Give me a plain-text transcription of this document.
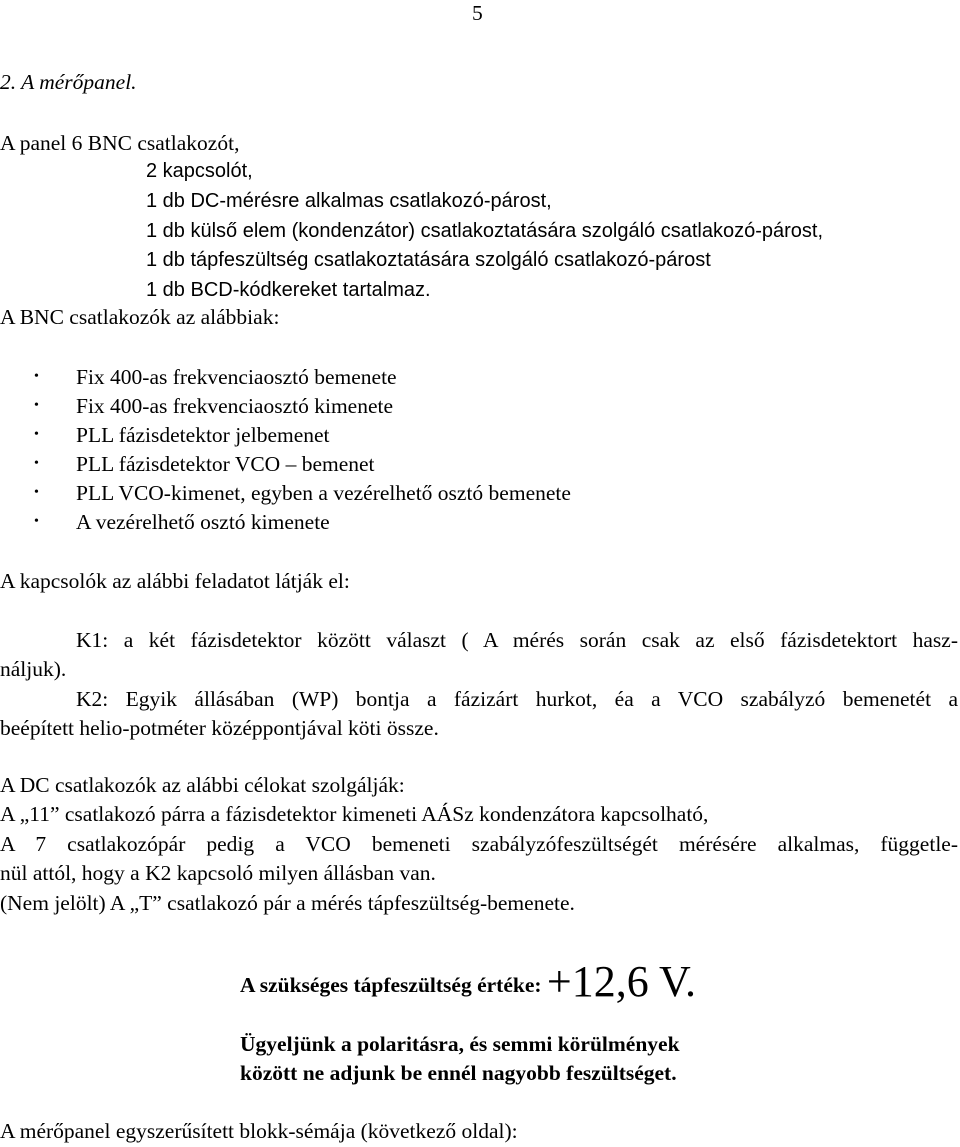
5
2. A mérőpanel.
A panel 6 BNC csatlakozót,
2 kapcsolót,
1 db DC-mérésre alkalmas csatlakozó-párost,
1 db külső elem (kondenzátor) csatlakoztatására szolgáló csatlakozó-párost,
1 db tápfeszültség csatlakoztatására szolgáló csatlakozó-párost
1 db BCD-kódkereket tartalmaz.
A BNC csatlakozók az alábbiak:
• Fix 400-as frekvenciaosztó bemenete
• Fix 400-as frekvenciaosztó kimenete
• PLL fázisdetektor jelbemenet
• PLL fázisdetektor VCO – bemenet
• PLL VCO-kimenet, egyben a vezérelhető osztó bemenete
• A vezérelhető osztó kimenete
A kapcsolók az alábbi feladatot látják el:
K1: a két fázisdetektor között választ ( A mérés során csak az első fázisdetektort hasz-
náljuk).
K2: Egyik állásában (WP) bontja a fázizárt hurkot, éa a VCO szabályzó bemenetét a
beépített helio-potméter középpontjával köti össze.
A DC csatlakozók az alábbi célokat szolgálják:
A „11” csatlakozó párra a fázisdetektor kimeneti AÁSz kondenzátora kapcsolható,
A 7 csatlakozópár pedig a VCO bemeneti szabályzófeszültségét mérésére alkalmas, függetle-
nül attól, hogy a K2 kapcsoló milyen állásban van.
(Nem jelölt) A „T” csatlakozó pár a mérés tápfeszültség-bemenete.
A szükséges tápfeszültség értéke: +12,6 V.
Ügyeljünk a polaritásra, és semmi körülmények
között ne adjunk be ennél nagyobb feszültséget.
A mérőpanel egyszerűsített blokk-sémája (következő oldal):
